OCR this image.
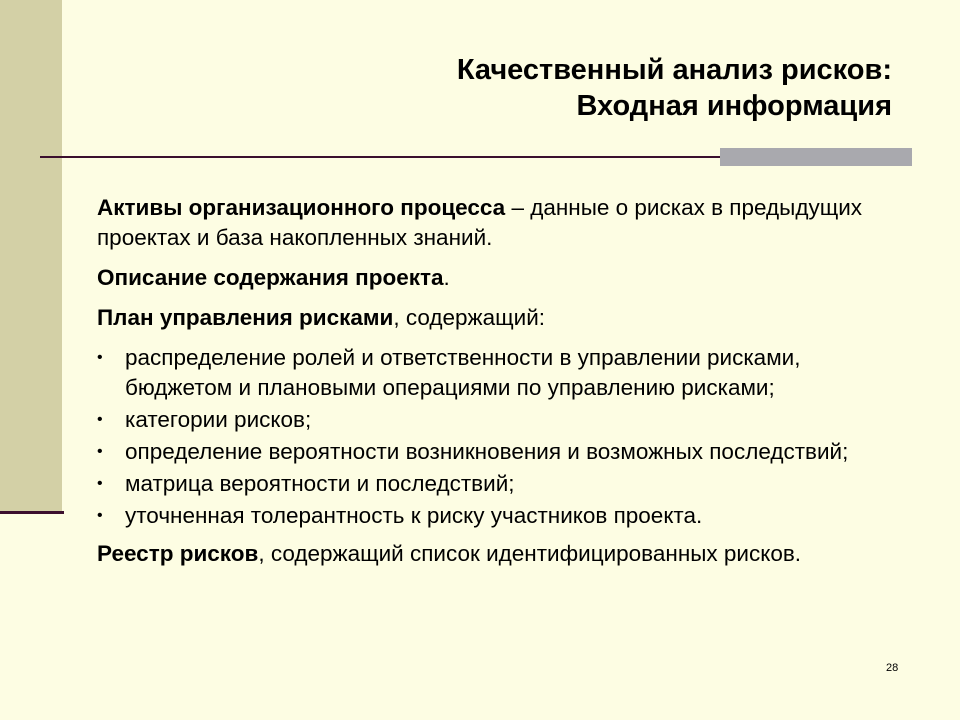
Качественный анализ рисков:
Входная информация

Активы организационного процесса – данные о рисках в предыдущих проектах и база накопленных знаний.

Описание содержания проекта.

План управления рисками, содержащий:

• распределение ролей и ответственности в управлении рисками, бюджетом и плановыми операциями по управлению рисками;
• категории рисков;
• определение вероятности возникновения и возможных последствий;
• матрица вероятности и последствий;
• уточненная толерантность к риску участников проекта.

Реестр рисков, содержащий список идентифицированных рисков.

28
